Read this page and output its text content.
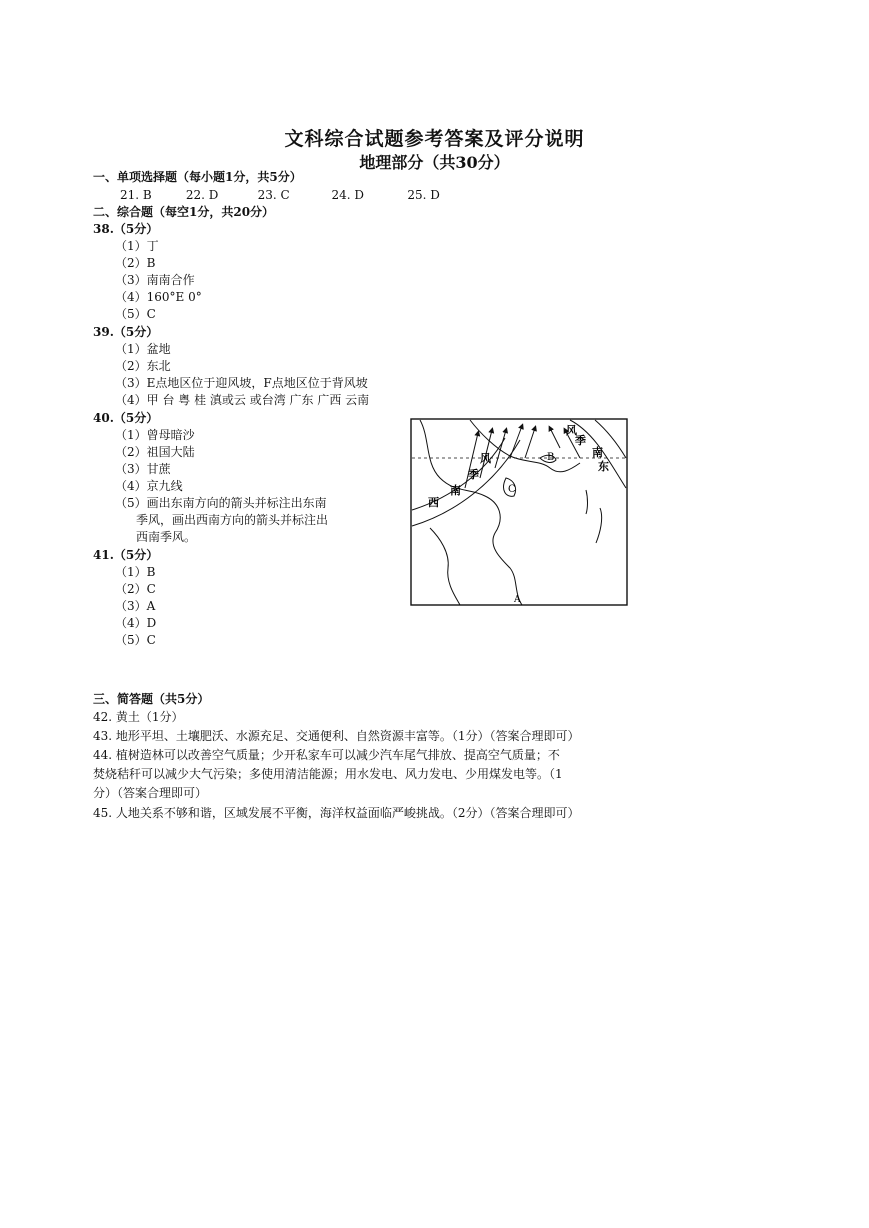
文科综合试题参考答案及评分说明
地理部分（共30分）
一、单项选择题（每小题1分，共5分）
21. B	22. D	23. C	24. D	25. D
二、综合题（每空1分，共20分）
38.（5分）
（1）丁
（2）B
（3）南南合作
（4）160°E 0°
（5）C
39.（5分）
（1）盆地
（2）东北
（3）E点地区位于迎风坡，F点地区位于背风坡
（4）甲 台 粤 桂 滇或云 或台湾 广东 广西 云南
40.（5分）
（1）曾母暗沙
（2）祖国大陆
（3）甘蔗
（4）京九线
（5）画出东南方向的箭头并标注出东南
季风，画出西南方向的箭头并标注出
西南季风。
41.（5分）
（1）B
（2）C
（3）A
（4）D
（5）C
西
南
季
风
东
南
季
风
C
B
A
三、简答题（共5分）
42. 黄土（1分）
43. 地形平坦、土壤肥沃、水源充足、交通便利、自然资源丰富等。（1分）（答案合理即可）
44. 植树造林可以改善空气质量；少开私家车可以减少汽车尾气排放、提高空气质量；不
焚烧秸秆可以减少大气污染；多使用清洁能源；用水发电、风力发电、少用煤发电等。（1
分）（答案合理即可）
45. 人地关系不够和谐，区域发展不平衡，海洋权益面临严峻挑战。（2分）（答案合理即可）
